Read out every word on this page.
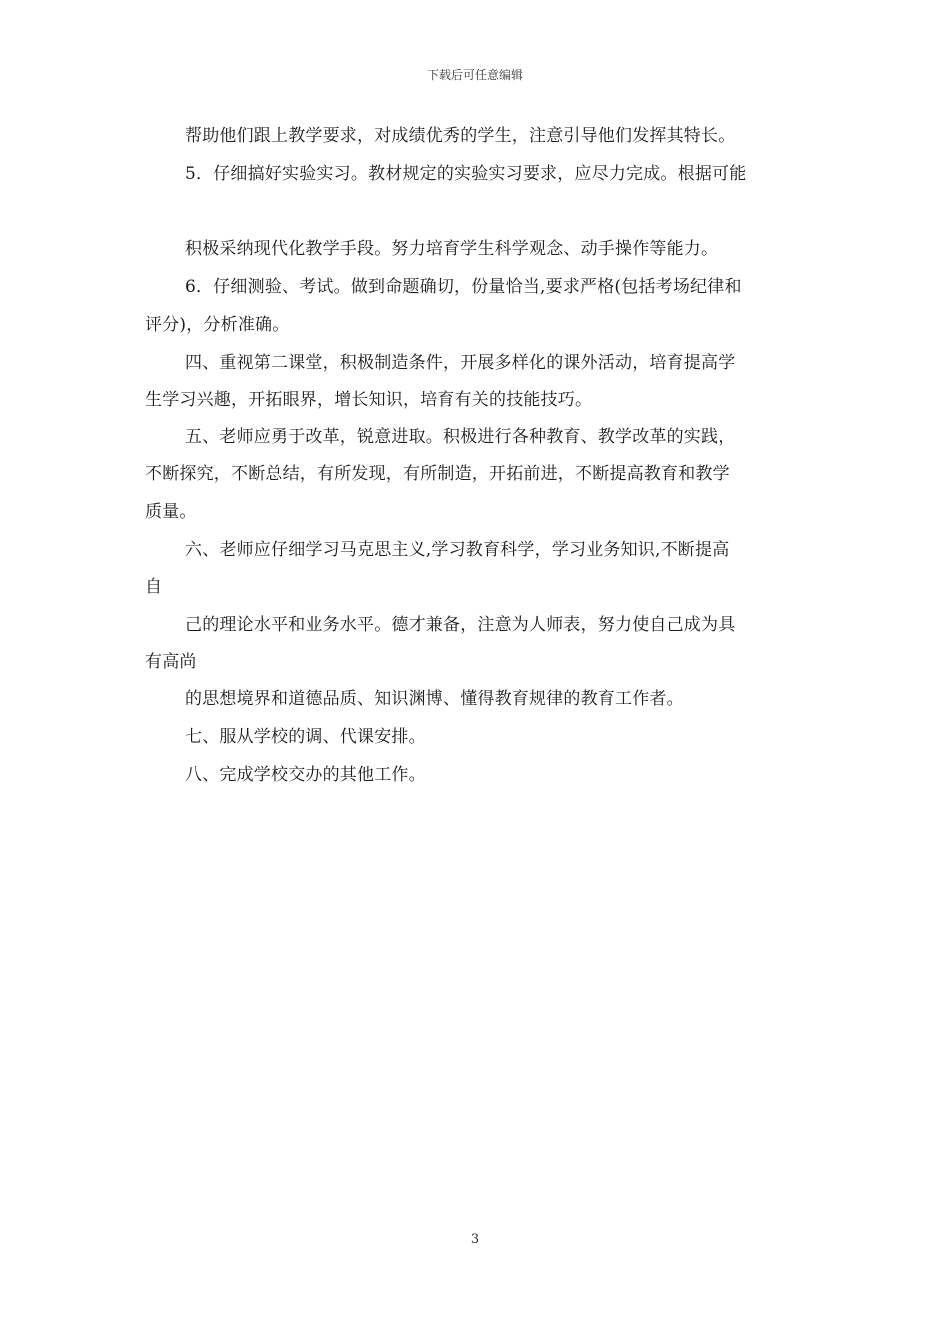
下载后可任意编辑
帮助他们跟上教学要求，对成绩优秀的学生，注意引导他们发挥其特长。
5．仔细搞好实验实习。教材规定的实验实习要求，应尽力完成。根据可能
积极采纳现代化教学手段。努力培育学生科学观念、动手操作等能力。
6．仔细测验、考试。做到命题确切，份量恰当,要求严格(包括考场纪律和
评分)，分析准确。
四、重视第二课堂，积极制造条件，开展多样化的课外活动，培育提高学
生学习兴趣，开拓眼界，增长知识，培育有关的技能技巧。
五、老师应勇于改革，锐意进取。积极进行各种教育、教学改革的实践，
不断探究，不断总结，有所发现，有所制造，开拓前进，不断提高教育和教学
质量。
六、老师应仔细学习马克思主义,学习教育科学，学习业务知识,不断提高
自
己的理论水平和业务水平。德才兼备，注意为人师表，努力使自己成为具
有高尚
的思想境界和道德品质、知识渊博、懂得教育规律的教育工作者。
七、服从学校的调、代课安排。
八、完成学校交办的其他工作。
3
